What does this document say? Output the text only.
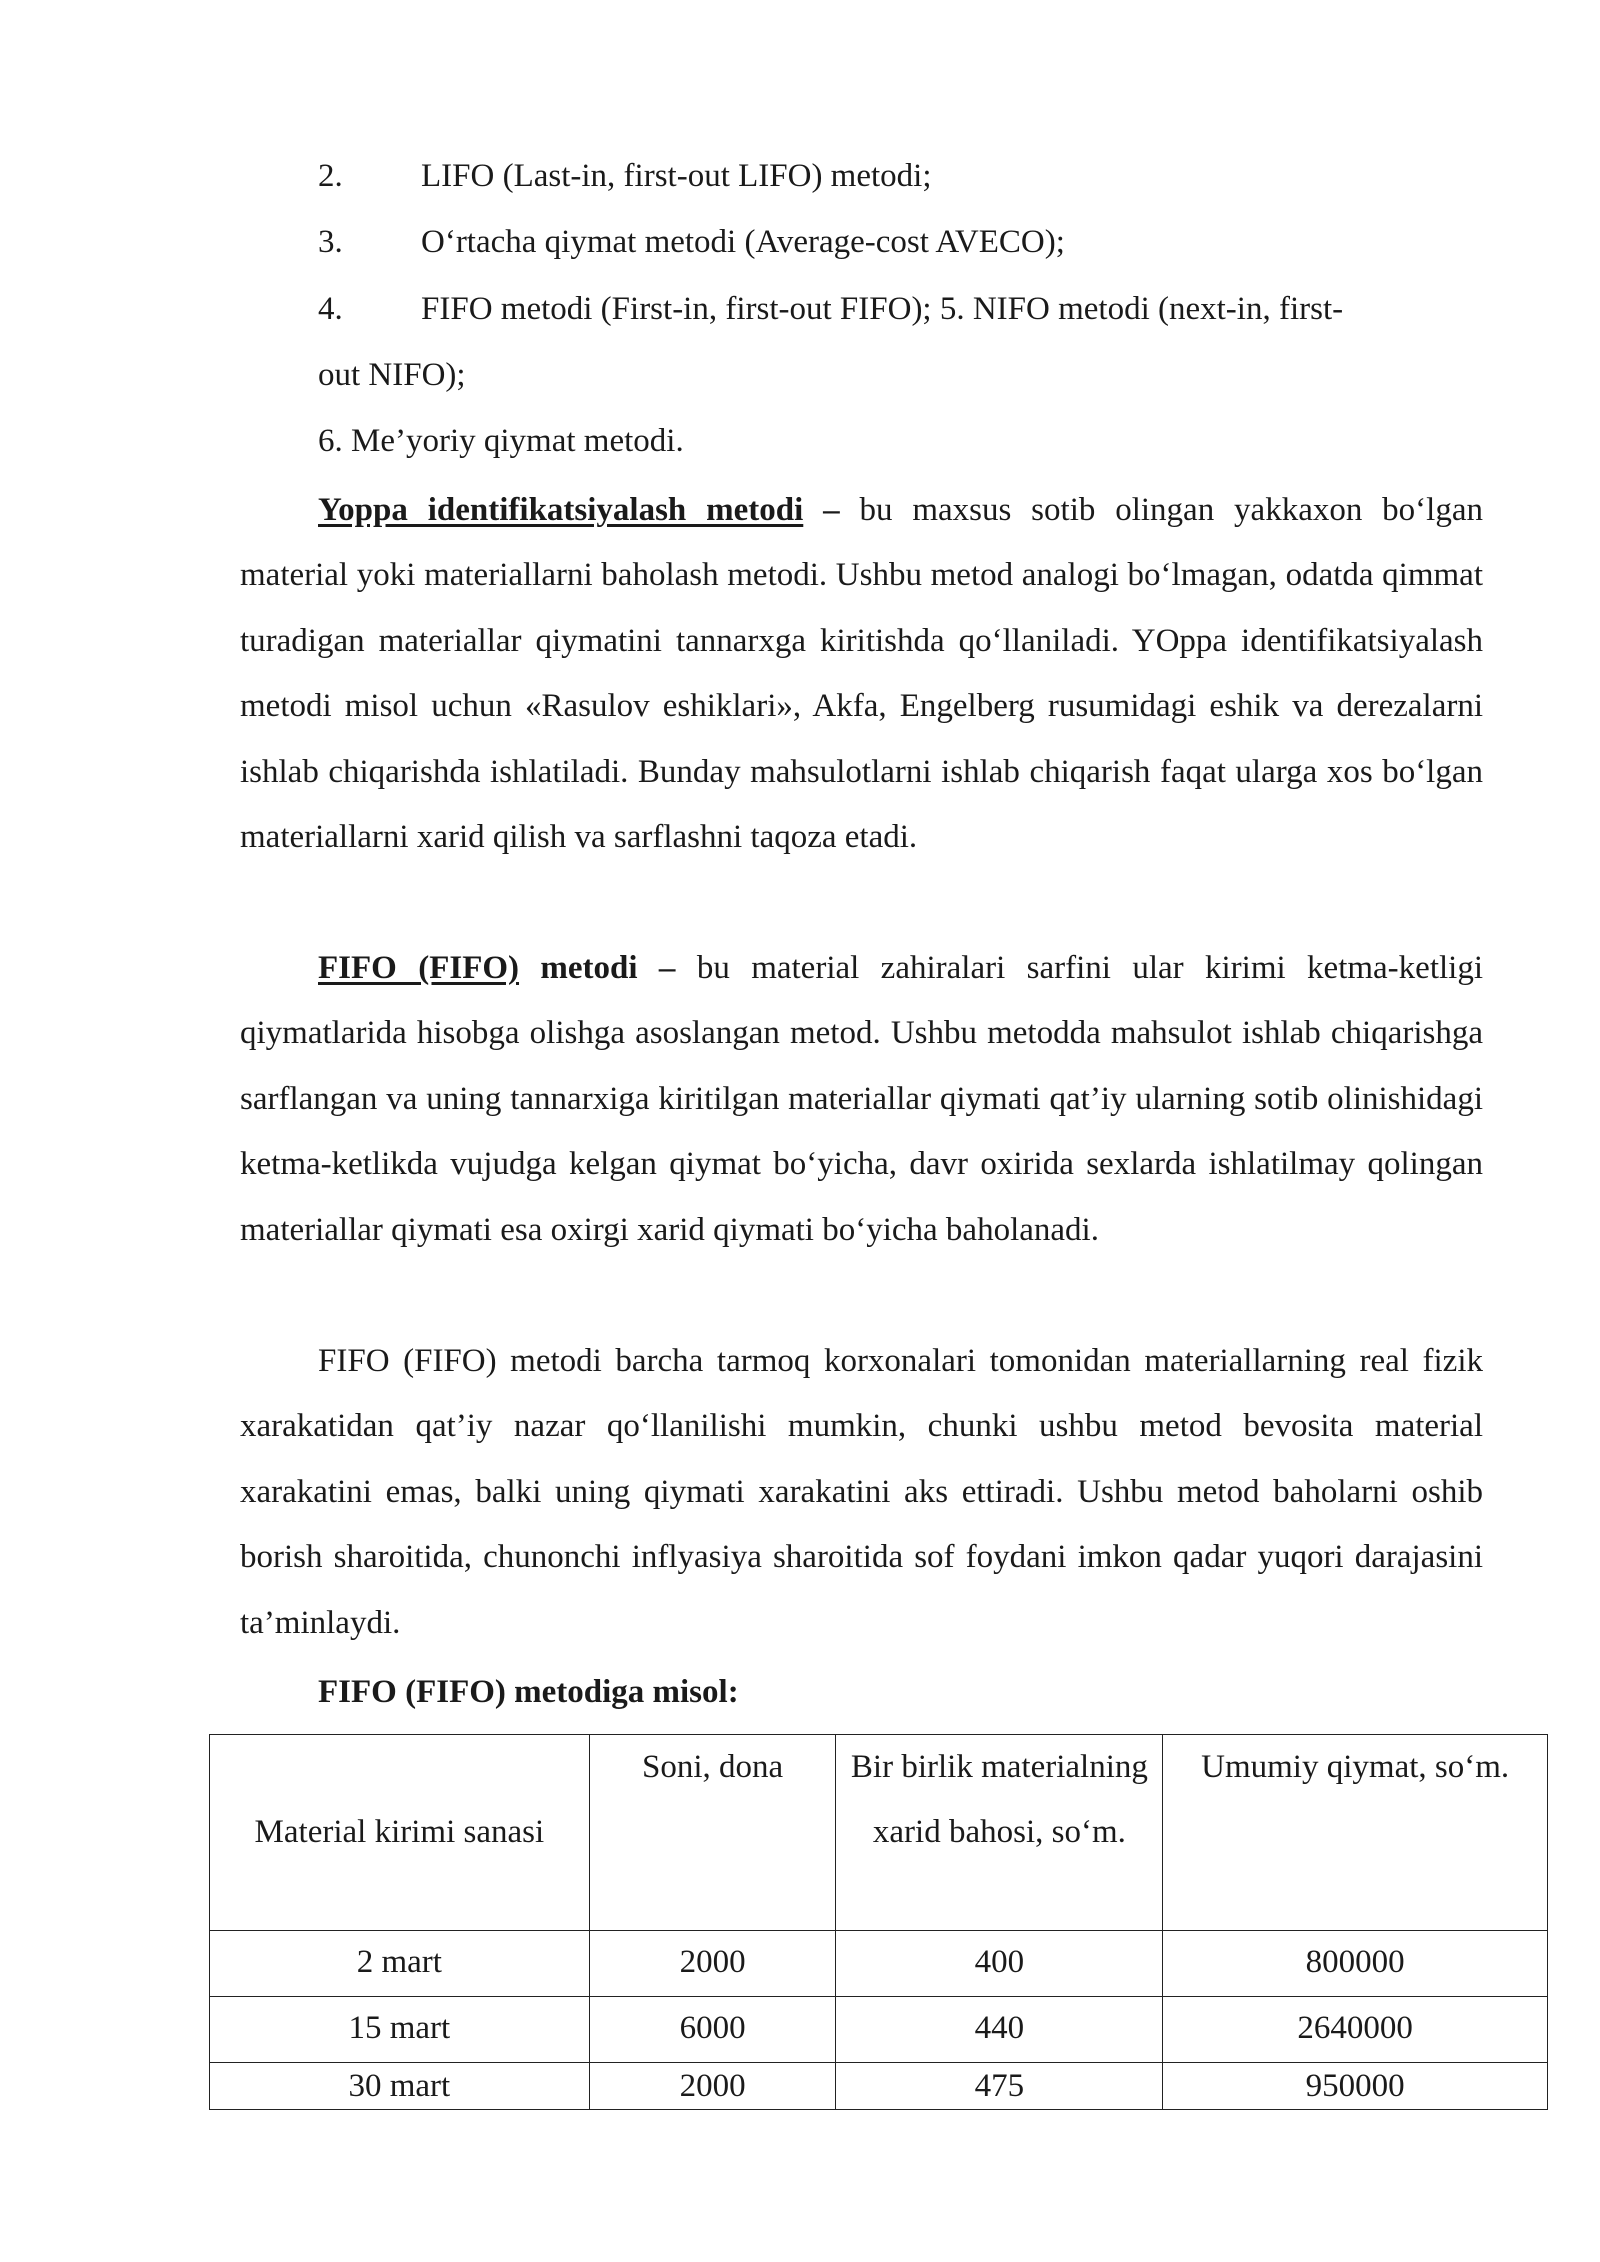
2. LIFO (Last-in, first-out LIFO) metodi;
3. O‘rtacha qiymat metodi (Average-cost AVECO);
4. FIFO metodi (First-in, first-out FIFO); 5. NIFO metodi (next-in, first-
out NIFO);
6. Me’yoriy qiymat metodi.

Yoppa identifikatsiyalash metodi – bu maxsus sotib olingan yakkaxon bo‘lgan material yoki materiallarni baholash metodi. Ushbu metod analogi bo‘lmagan, odatda qimmat turadigan materiallar qiymatini tannarxga kiritishda qo‘llaniladi. YOppa identifikatsiyalash metodi misol uchun «Rasulov eshiklari», Akfa, Engelberg rusumidagi eshik va derezalarni ishlab chiqarishda ishlatiladi. Bunday mahsulotlarni ishlab chiqarish faqat ularga xos bo‘lgan materiallarni xarid qilish va sarflashni taqoza etadi.

FIFO (FIFO) metodi – bu material zahiralari sarfini ular kirimi ketma-ketligi qiymatlarida hisobga olishga asoslangan metod. Ushbu metodda mahsulot ishlab chiqarishga sarflangan va uning tannarxiga kiritilgan materiallar qiymati qat’iy ularning sotib olinishidagi ketma-ketlikda vujudga kelgan qiymat bo‘yicha, davr oxirida sexlarda ishlatilmay qolingan materiallar qiymati esa oxirgi xarid qiymati bo‘yicha baholanadi.

FIFO (FIFO) metodi barcha tarmoq korxonalari tomonidan materiallarning real fizik xarakatidan qat’iy nazar qo‘llanilishi mumkin, chunki ushbu metod bevosita material xarakatini emas, balki uning qiymati xarakatini aks ettiradi. Ushbu metod baholarni oshib borish sharoitida, chunonchi inflyasiya sharoitida sof foydani imkon qadar yuqori darajasini ta’minlaydi.

FIFO (FIFO) metodiga misol:
Material kirimi sanasi	Soni, dona	Bir birlik materialning xarid bahosi, so‘m.	Umumiy qiymat, so‘m.
2 mart	2000	400	800000
15 mart	6000	440	2640000
30 mart	2000	475	950000
